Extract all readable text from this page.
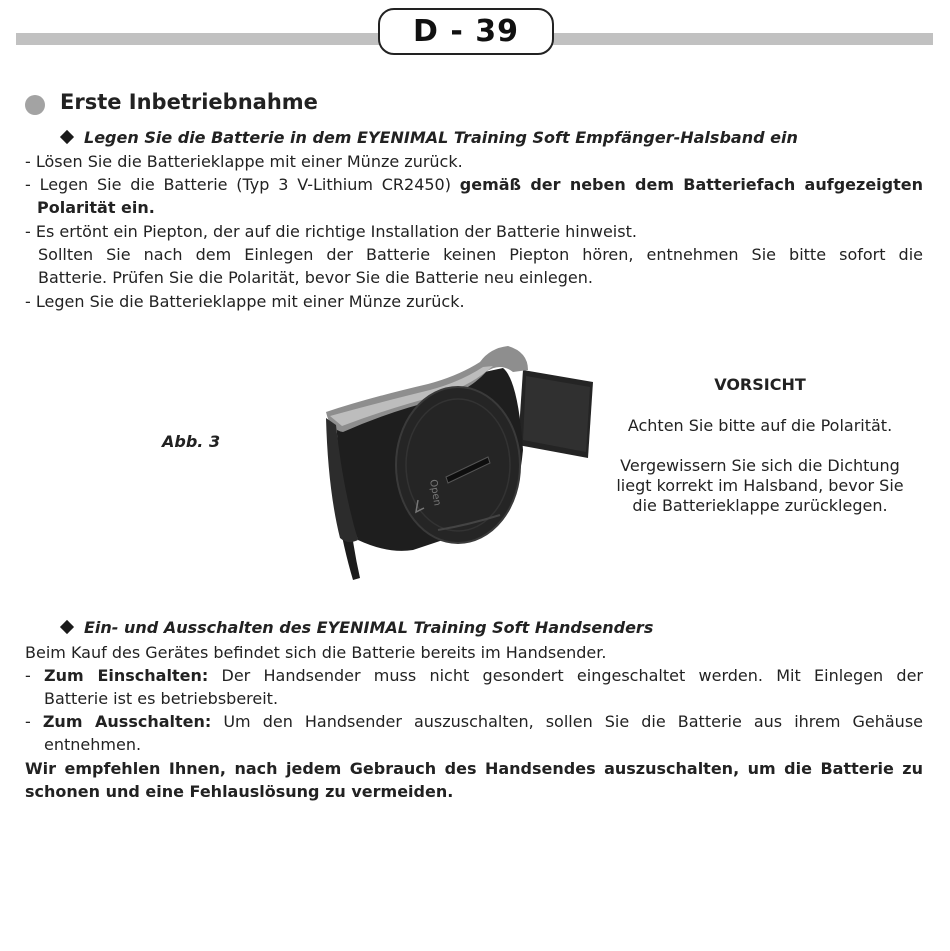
D - 39
Erste Inbetriebnahme
Legen Sie die Batterie in dem EYENIMAL Training Soft Empfänger-Halsband ein
- Lösen Sie die Batterieklappe mit einer Münze zurück.
- Legen Sie die Batterie (Typ 3 V-Lithium CR2450) gemäß der neben dem Batteriefach aufgezeigten
Polarität ein.
- Es ertönt ein Piepton, der auf die richtige Installation der Batterie hinweist.
Sollten Sie nach dem Einlegen der Batterie keinen Piepton hören, entnehmen Sie bitte sofort die
Batterie. Prüfen Sie die Polarität, bevor Sie die Batterie neu einlegen.
- Legen Sie die Batterieklappe mit einer Münze zurück.
Abb. 3
Open
VORSICHT
Achten Sie bitte auf die Polarität.
Vergewissern Sie sich die Dichtung
liegt korrekt im Halsband, bevor Sie
die Batterieklappe zurücklegen.
Ein- und Ausschalten des EYENIMAL Training Soft Handsenders
Beim Kauf des Gerätes befindet sich die Batterie bereits im Handsender.
- Zum Einschalten: Der Handsender muss nicht gesondert eingeschaltet werden. Mit Einlegen der
Batterie ist es betriebsbereit.
- Zum Ausschalten: Um den Handsender auszuschalten, sollen Sie die Batterie aus ihrem Gehäuse
entnehmen.
Wir empfehlen Ihnen, nach jedem Gebrauch des Handsendes auszuschalten, um die Batterie zu
schonen und eine Fehlauslösung zu vermeiden.
